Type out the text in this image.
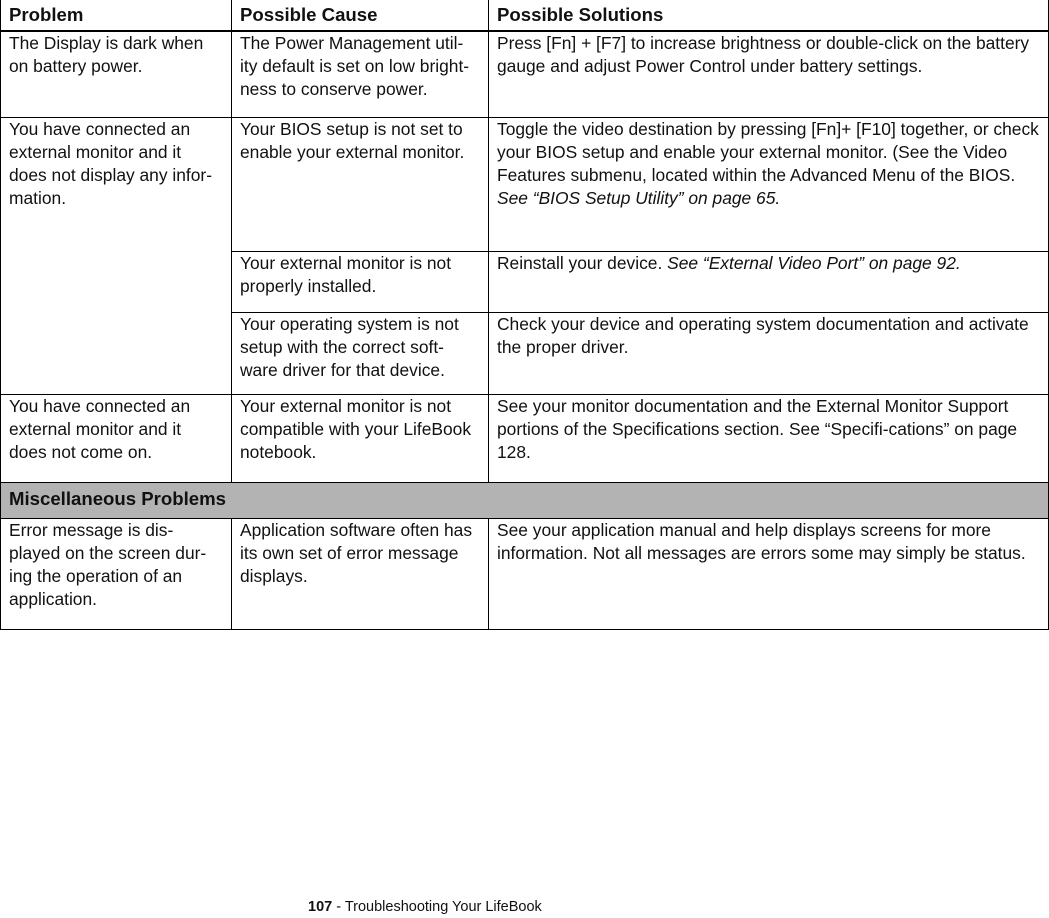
Problem	Possible Cause	Possible Solutions
The Display is dark when on battery power.	The Power Management util-ity default is set on low bright-ness to conserve power.	Press [Fn] + [F7] to increase brightness or double-click on the battery gauge and adjust Power Control under battery settings.
You have connected an external monitor and it does not display any infor-mation.	Your BIOS setup is not set to enable your external monitor.	Toggle the video destination by pressing [Fn]+ [F10] together, or check your BIOS setup and enable your external monitor. (See the Video Features submenu, located within the Advanced Menu of the BIOS. See “BIOS Setup Utility” on page 65.
	Your external monitor is not properly installed.	Reinstall your device. See “External Video Port” on page 92.
	Your operating system is not setup with the correct soft-ware driver for that device.	Check your device and operating system documentation and activate the proper driver.
You have connected an external monitor and it does not come on.	Your external monitor is not compatible with your LifeBook notebook.	See your monitor documentation and the External Monitor Support portions of the Specifications section. See “Specifi-cations” on page 128.
Miscellaneous Problems		
Error message is dis-played on the screen dur-ing the operation of an application.	Application software often has its own set of error message displays.	See your application manual and help displays screens for more information. Not all messages are errors some may simply be status.
107 - Troubleshooting Your LifeBook
